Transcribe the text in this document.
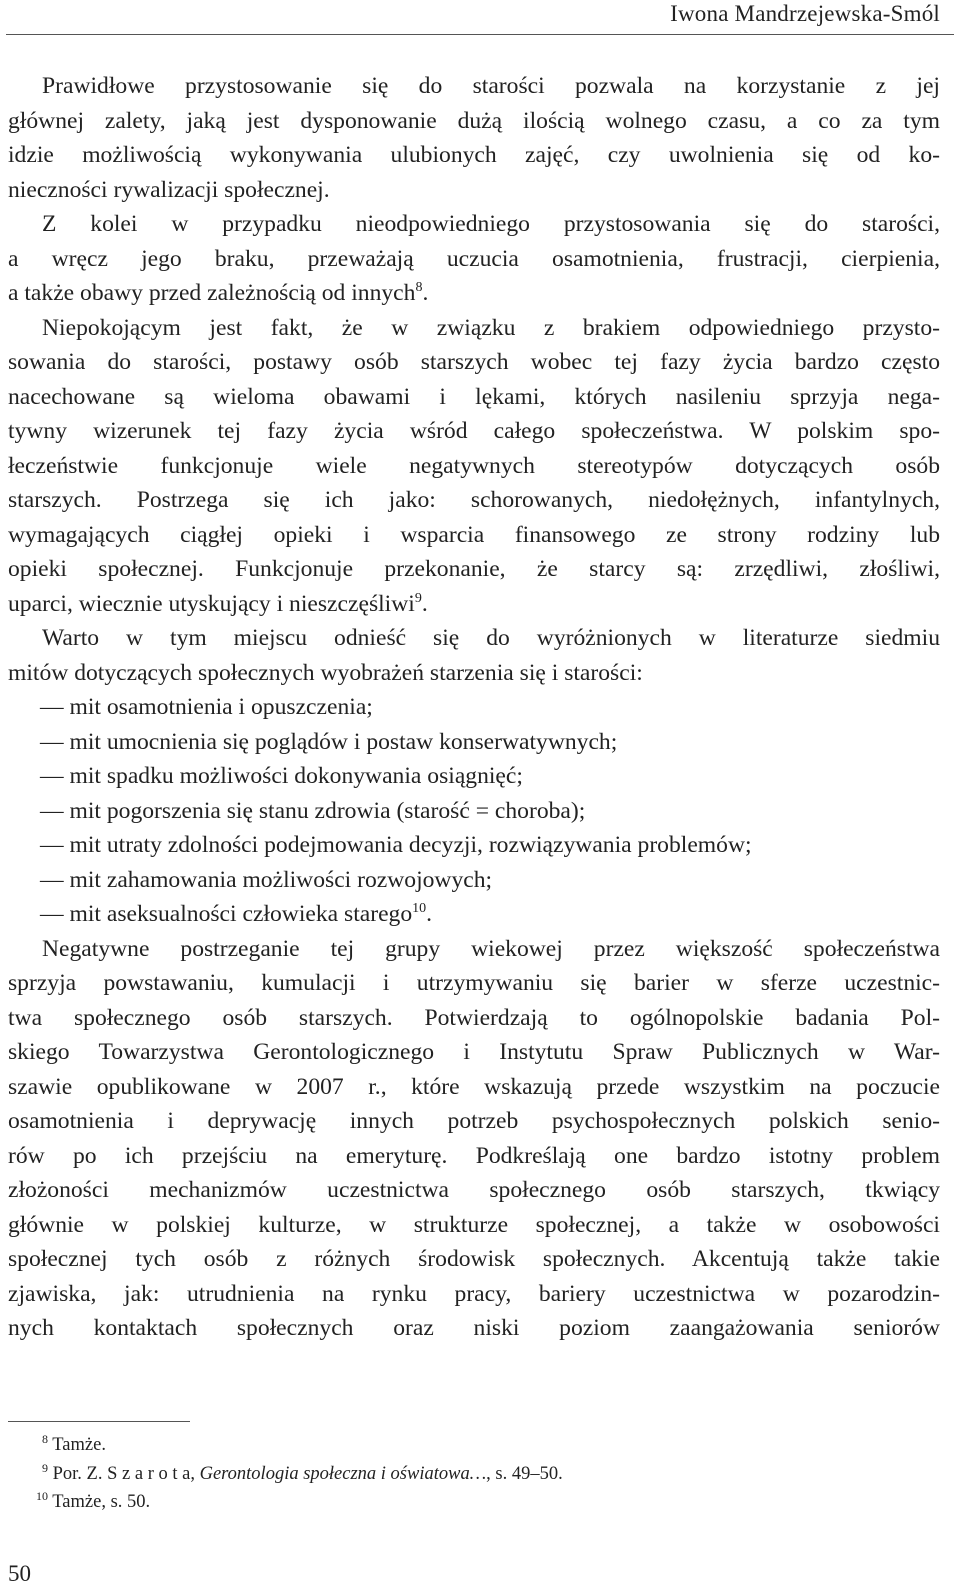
Iwona Mandrzejewska-Smól
Prawidłowe przystosowanie się do starości pozwala na korzystanie z jej
głównej zalety, jaką jest dysponowanie dużą ilością wolnego czasu, a co za tym
idzie możliwością wykonywania ulubionych zajęć, czy uwolnienia się od ko-
nieczności rywalizacji społecznej.
Z kolei w przypadku nieodpowiedniego przystosowania się do starości,
a wręcz jego braku, przeważają uczucia osamotnienia, frustracji, cierpienia,
a także obawy przed zależnością od innych$^8$.
Niepokojącym jest fakt, że w związku z brakiem odpowiedniego przysto-
sowania do starości, postawy osób starszych wobec tej fazy życia bardzo często
nacechowane są wieloma obawami i lękami, których nasileniu sprzyja nega-
tywny wizerunek tej fazy życia wśród całego społeczeństwa. W polskim spo-
łeczeństwie funkcjonuje wiele negatywnych stereotypów dotyczących osób
starszych. Postrzega się ich jako: schorowanych, niedołężnych, infantylnych,
wymagających ciągłej opieki i wsparcia finansowego ze strony rodziny lub
opieki społecznej. Funkcjonuje przekonanie, że starcy są: zrzędliwi, złośliwi,
uparci, wiecznie utyskujący i nieszczęśliwi$^9$.
Warto w tym miejscu odnieść się do wyróżnionych w literaturze siedmiu
mitów dotyczących społecznych wyobrażeń starzenia się i starości:
— mit osamotnienia i opuszczenia;
— mit umocnienia się poglądów i postaw konserwatywnych;
— mit spadku możliwości dokonywania osiągnięć;
— mit pogorszenia się stanu zdrowia (starość = choroba);
— mit utraty zdolności podejmowania decyzji, rozwiązywania problemów;
— mit zahamowania możliwości rozwojowych;
— mit aseksualności człowieka starego$^{10}$.
Negatywne postrzeganie tej grupy wiekowej przez większość społeczeństwa
sprzyja powstawaniu, kumulacji i utrzymywaniu się barier w sferze uczestnic-
twa społecznego osób starszych. Potwierdzają to ogólnopolskie badania Pol-
skiego Towarzystwa Gerontologicznego i Instytutu Spraw Publicznych w War-
szawie opublikowane w 2007 r., które wskazują przede wszystkim na poczucie
osamotnienia i deprywację innych potrzeb psychospołecznych polskich senio-
rów po ich przejściu na emeryturę. Podkreślają one bardzo istotny problem
złożoności mechanizmów uczestnictwa społecznego osób starszych, tkwiący
głównie w polskiej kulturze, w strukturze społecznej, a także w osobowości
społecznej tych osób z różnych środowisk społecznych. Akcentują także takie
zjawiska, jak: utrudnienia na rynku pracy, bariery uczestnictwa w pozarodzin-
nych kontaktach społecznych oraz niski poziom zaangażowania seniorów
$^8$ Tamże.
$^9$ Por. Z. S z a r o t a, Gerontologia społeczna i oświatowa…, s. 49–50.
$^{10}$ Tamże, s. 50.
50
